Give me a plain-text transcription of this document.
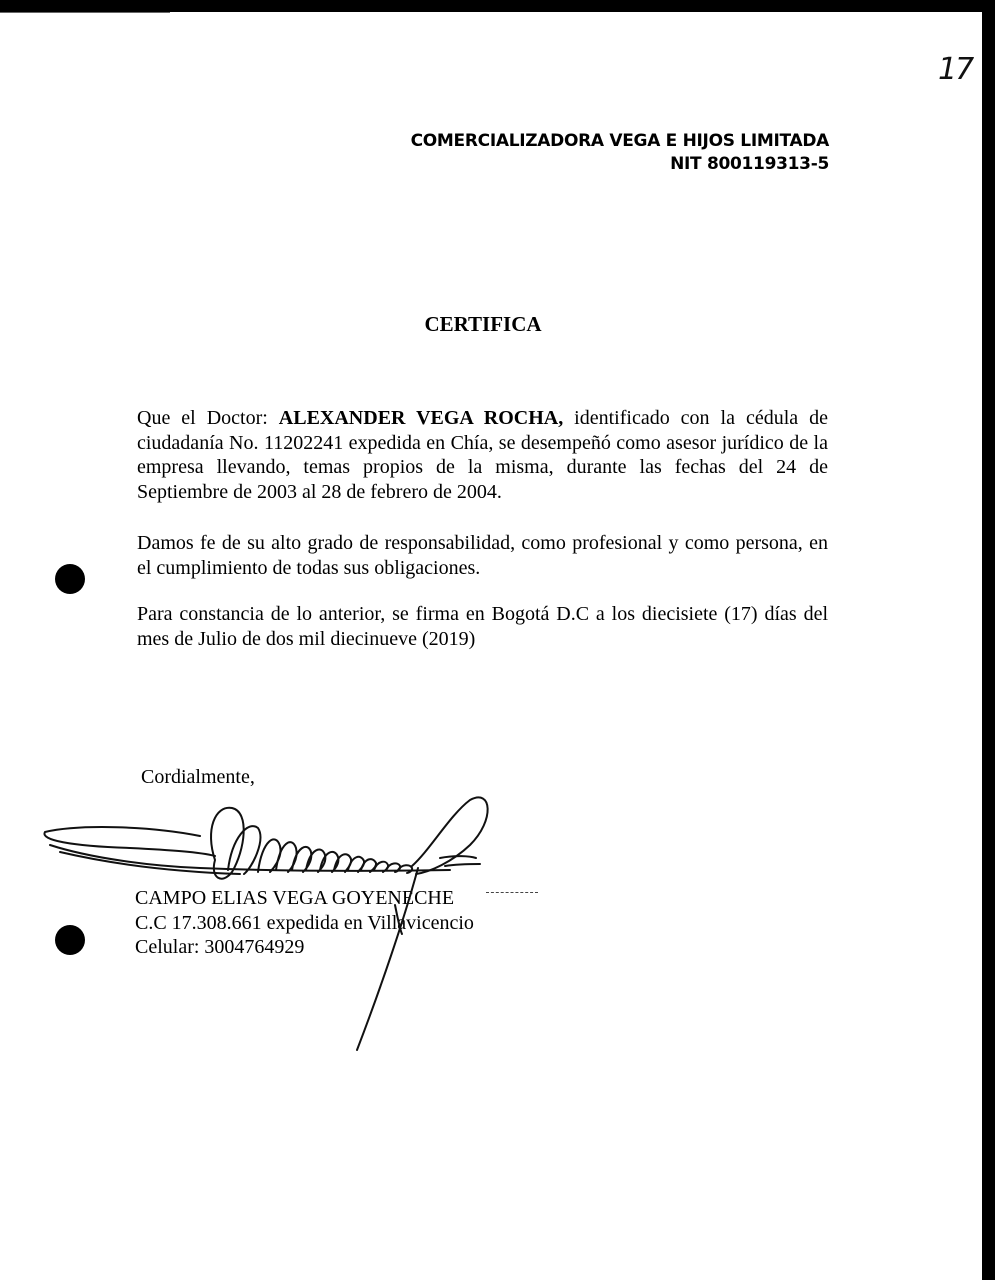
17
COMERCIALIZADORA VEGA E HIJOS LIMITADA
NIT 800119313-5
CERTIFICA
Que el Doctor: ALEXANDER VEGA ROCHA, identificado con la cédula de ciudadanía No. 11202241 expedida en Chía, se desempeñó como asesor jurídico de la empresa llevando, temas propios de la misma, durante las fechas del 24 de Septiembre de 2003 al 28 de febrero de 2004.
Damos fe de su alto grado de responsabilidad, como profesional y como persona, en el cumplimiento de todas sus obligaciones.
Para constancia de lo anterior, se firma en Bogotá D.C a los diecisiete (17) días del mes de Julio de dos mil diecinueve (2019)
Cordialmente,
CAMPO ELIAS VEGA GOYENECHE
C.C 17.308.661 expedida en Villavicencio
Celular: 3004764929
